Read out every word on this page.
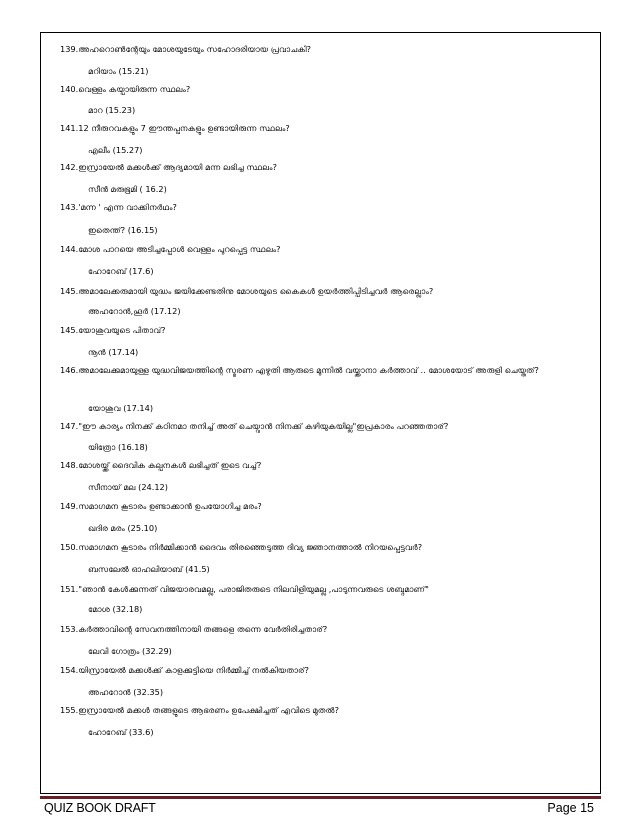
139.അഹറൊൺന്റേയും മോശയുടേയും സഹോദരിയായ പ്രവാചകി?
മറിയാം (15.21)
140.വെള്ളം കയ്പായിരുന്ന സ്ഥലം?
മാറ (15.23)
141.12 നീരുറവകളും 7 ഈന്തപ്പനകളും ഉണ്ടായിരുന്ന സ്ഥലം?
എലീം (15.27)
142.ഇസ്രായേൽ മക്കൾക്ക് ആദ്യമായി മന്ന ലഭിച്ച സ്ഥലം?
സീൻ മരുഭൂമി ( 16.2)
143.'മന്ന ' എന്ന വാക്കിനർഥം?
ഇതെന്ത്? (16.15)
144.മോശ പാറയെ അടിച്ചപ്പോൾ വെള്ളം പുറപ്പെട്ട സ്ഥലം?
ഹോറേബ് (17.6)
145.അമാലേക്കരുമായി യുദ്ധം ജയിക്കേണ്ടതിനു മോശയുടെ കൈകൾ ഉയർത്തിപ്പിടിച്ചവർ ആരെല്ലാം?
അഹറോൻ,ഹൂർ (17.12)
145.യോശുവയുടെ പിതാവ്?
നൂൻ (17.14)
146.അമാലേക്കുമായുള്ള യുദ്ധവിജയത്തിന്റെ സ്മരണ എഴുതി ആരുടെ മുന്നിൽ വയ്ക്കാനാ കർത്താവ് .. മോശയോട് അരുളി ചെയ്തത്?
യോശുവ (17.14)
147."ഈ കാര്യം നിനക്ക് കഠിനമാ തനിച്ച് അത് ചെയ്വാൻ നിനക്ക് കഴിയുകയില്ല"ഇപ്രകാരം പറഞ്ഞതാര്?
യിത്രോ (16.18)
148.മോശയ്ക്ക് ദൈവിക കല്പനകൾ ലഭിച്ചത് ഇടെ വച്ച്?
സീനായ് മല (24.12)
149.സമാഗമന കൂടാരം ഉണ്ടാക്കാൻ ഉപയോഗിച്ച മരം?
ഖദിര മരം (25.10)
150.സമാഗമന കൂടാരം നിർമ്മിക്കാൻ ദൈവം തിരഞ്ഞെടുത്ത ദിവ്യ ജ്ഞാനത്താൽ നിറയപ്പെട്ടവർ?
ബസലേൽ ഓഹലിയാബ് (41.5)
151."ഞാൻ കേൾക്കുന്നത് വിജയാരവമല്ല, പരാജിതരുടെ നിലവിളിയുമല്ല ,പാടുന്നവരുടെ ശബ്ദമാണ്"
മോശ (32.18)
153.കർത്താവിന്റെ സേവനത്തിനായി തങ്ങളെ തന്നെ വേർതിരിച്ചതാര്?
ലേവി ഗോത്രം (32.29)
154.യിസ്രായേൽ മക്കൾക്ക് കാളക്കുട്ടിയെ നിർമ്മിച്ച് നൽകിയതാര്?
അഹറോൻ (32.35)
155.ഇസ്രായേൽ മക്കൾ തങ്ങളുടെ ആഭരണം ഉപേക്ഷിച്ചത് എവിടെ മുതൽ?
ഹോറേബ് (33.6)
QUIZ BOOK DRAFT	Page 15
